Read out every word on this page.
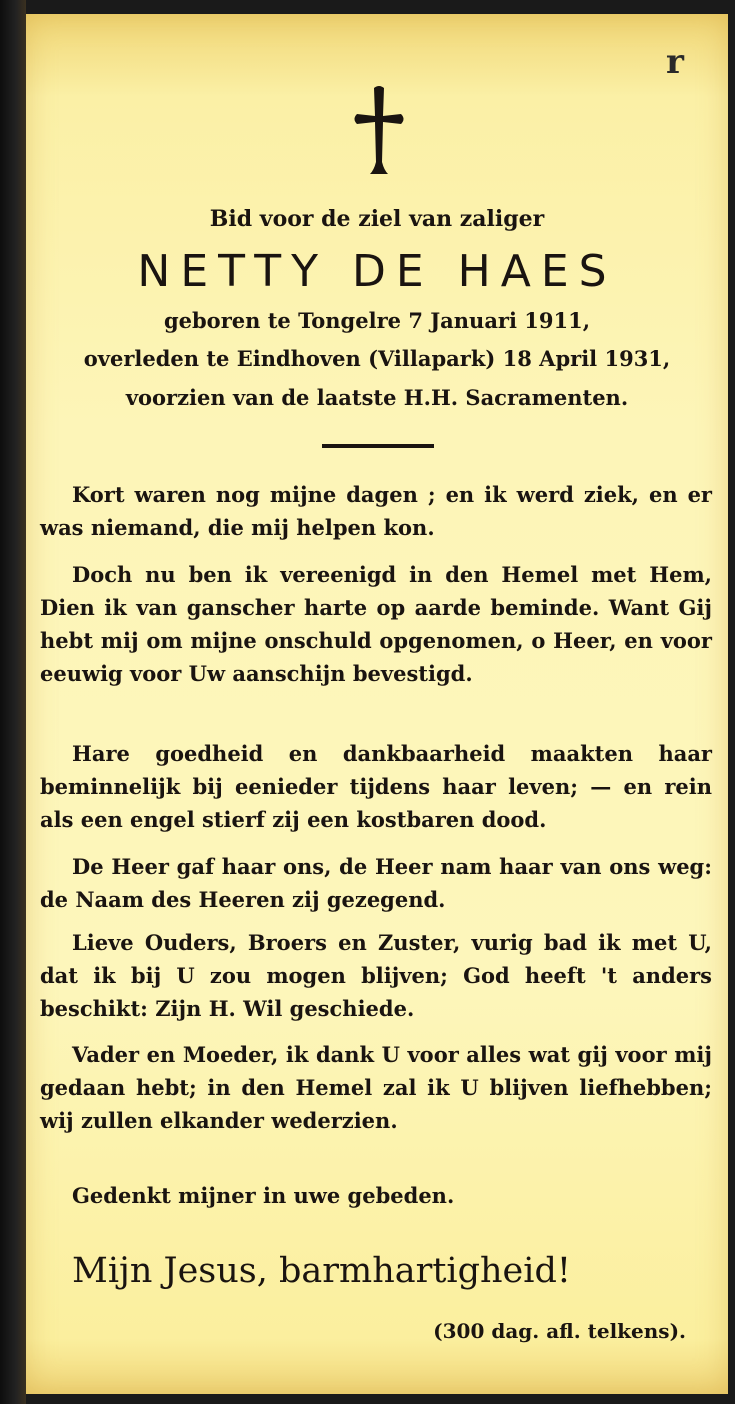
r
Bid voor de ziel van zaliger
NETTY DE HAES
geboren te Tongelre 7 Januari 1911,
overleden te Eindhoven (Villapark) 18 April 1931,
voorzien van de laatste H.H. Sacramenten.

Kort waren nog mijne dagen ; en ik werd ziek, en er was niemand, die mij helpen kon.

Doch nu ben ik vereenigd in den Hemel met Hem, Dien ik van ganscher harte op aarde beminde. Want Gij hebt mij om mijne onschuld opgenomen, o Heer, en voor eeuwig voor Uw aanschijn bevestigd.

Hare goedheid en dankbaarheid maakten haar beminnelijk bij eenieder tijdens haar leven; — en rein als een engel stierf zij een kostbaren dood.

De Heer gaf haar ons, de Heer nam haar van ons weg: de Naam des Heeren zij gezegend.

Lieve Ouders, Broers en Zuster, vurig bad ik met U, dat ik bij U zou mogen blijven; God heeft 't anders beschikt: Zijn H. Wil geschiede.

Vader en Moeder, ik dank U voor alles wat gij voor mij gedaan hebt; in den Hemel zal ik U blijven liefhebben; wij zullen elkander wederzien.

Gedenkt mijner in uwe gebeden.

Mijn Jesus, barmhartigheid!
(300 dag. afl. telkens).
